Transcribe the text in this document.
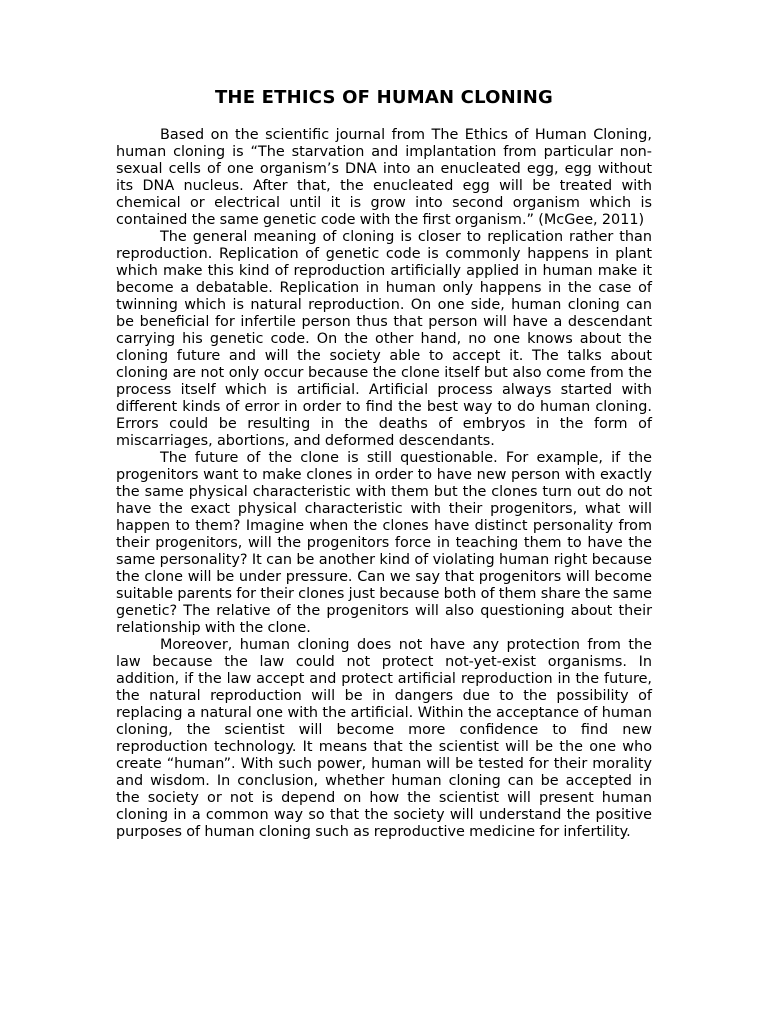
THE ETHICS OF HUMAN CLONING

Based on the scientific journal from The Ethics of Human Cloning, human cloning is “The starvation and implantation from particular non-sexual cells of one organism’s DNA into an enucleated egg, egg without its DNA nucleus. After that, the enucleated egg will be treated with chemical or electrical until it is grow into second organism which is contained the same genetic code with the first organism.” (McGee, 2011)

The general meaning of cloning is closer to replication rather than reproduction. Replication of genetic code is commonly happens in plant which make this kind of reproduction artificially applied in human make it become a debatable. Replication in human only happens in the case of twinning which is natural reproduction. On one side, human cloning can be beneficial for infertile person thus that person will have a descendant carrying his genetic code. On the other hand, no one knows about the cloning future and will the society able to accept it. The talks about cloning are not only occur because the clone itself but also come from the process itself which is artificial. Artificial process always started with different kinds of error in order to find the best way to do human cloning. Errors could be resulting in the deaths of embryos in the form of miscarriages, abortions, and deformed descendants.

The future of the clone is still questionable. For example, if the progenitors want to make clones in order to have new person with exactly the same physical characteristic with them but the clones turn out do not have the exact physical characteristic with their progenitors, what will happen to them? Imagine when the clones have distinct personality from their progenitors, will the progenitors force in teaching them to have the same personality? It can be another kind of violating human right because the clone will be under pressure. Can we say that progenitors will become suitable parents for their clones just because both of them share the same genetic? The relative of the progenitors will also questioning about their relationship with the clone.

Moreover, human cloning does not have any protection from the law because the law could not protect not-yet-exist organisms. In addition, if the law accept and protect artificial reproduction in the future, the natural reproduction will be in dangers due to the possibility of replacing a natural one with the artificial. Within the acceptance of human cloning, the scientist will become more confidence to find new reproduction technology. It means that the scientist will be the one who create “human”. With such power, human will be tested for their morality and wisdom. In conclusion, whether human cloning can be accepted in the society or not is depend on how the scientist will present human cloning in a common way so that the society will understand the positive purposes of human cloning such as reproductive medicine for infertility.
